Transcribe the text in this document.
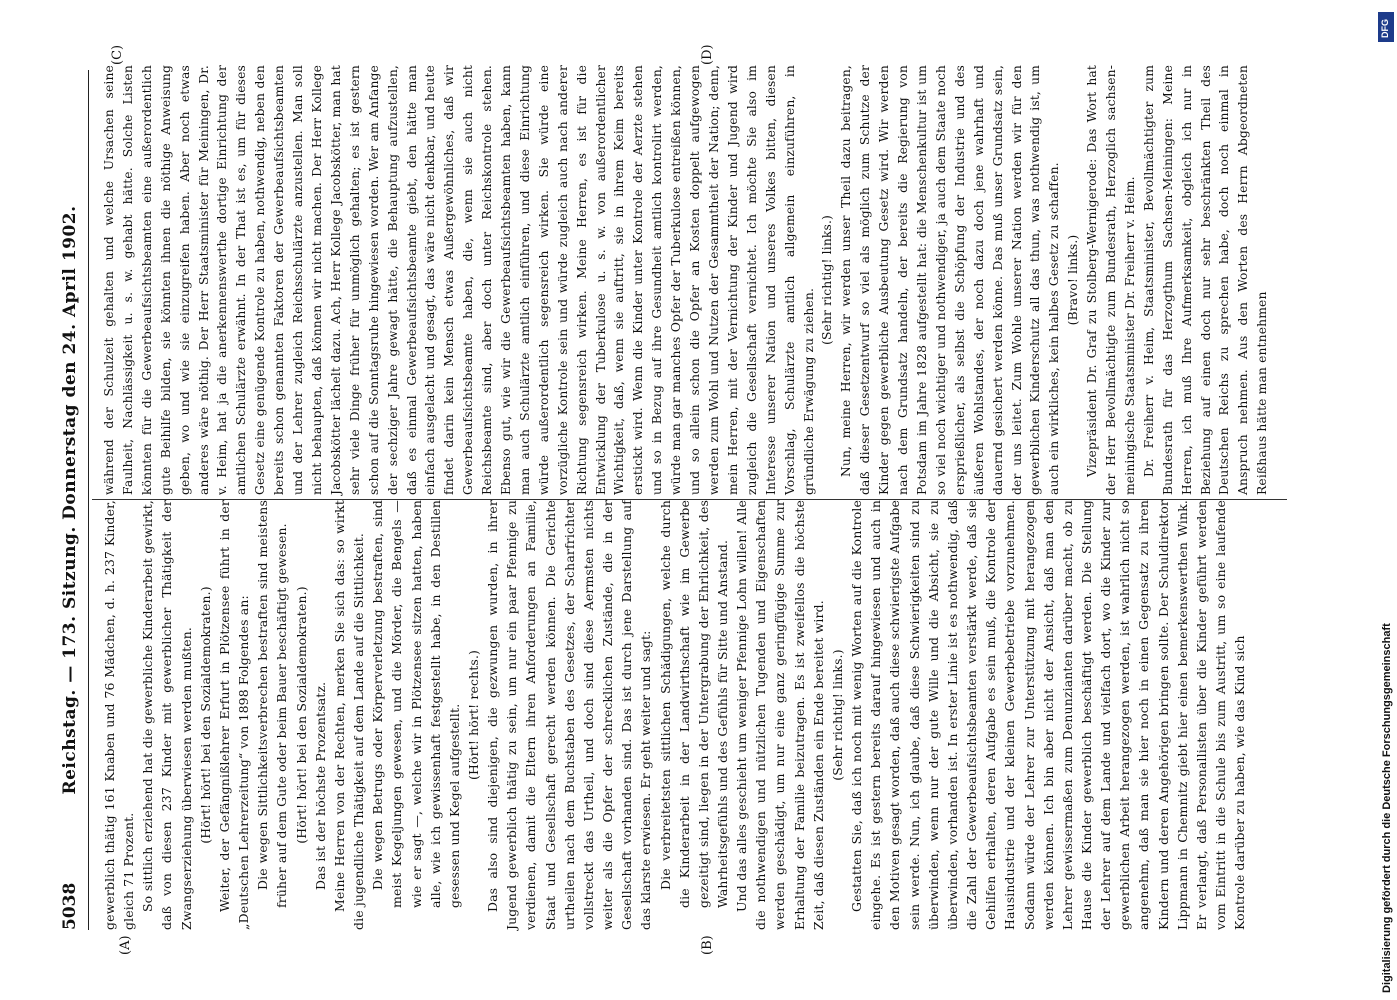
5038
Reichstag. — 173. Sitzung. Donnerstag den 24. April 1902.
(A)	(B)
(C)	(D)

gewerblich thätig 161 Knaben und 76 Mädchen, d. h. 237 Kinder, gleich 71 Prozent. So sittlich erziehend hat die gewerbliche Kinderarbeit gewirkt, daß von diesen 237 Kinder mit gewerblicher Thätigkeit der Zwangserziehung überwiesen werden mußten. (Hört! hört! bei den Sozialdemokraten.) Weiter, der Gefängnißlehrer Erfurt in Plötzensee führt in der „Deutschen Lehrerzeitung“ von 1898 Folgendes an: Die wegen Sittlichkeitsverbrechen bestraften sind meistens früher auf dem Gute oder beim Bauer beschäftigt gewesen. (Hört! hört! bei den Sozialdemokraten.) Das ist der höchste Prozentsatz. Meine Herren von der Rechten, merken Sie sich das: so wirkt die jugendliche Thätigkeit auf dem Lande auf die Sittlichkeit. Die wegen Betrugs oder Körperverletzung bestraften, sind meist Kegeljungen gewesen, und die Mörder, die Bengels — wie er sagt —, welche wir in Plötzensee sitzen hatten, haben alle, wie ich gewissenhaft festgestellt habe, in den Destillen gesessen und Kegel aufgestellt. (Hört! hört! rechts.) Das also sind diejenigen, die gezwungen wurden, in ihrer Jugend gewerblich thätig zu sein, um nur ein paar Pfennige zu verdienen, damit die Eltern ihren Anforderungen an Familie, Staat und Gesellschaft gerecht werden können. Die Gerichte urtheilen nach dem Buchstaben des Gesetzes, der Scharfrichter vollstreckt das Urtheil, und doch sind diese Aermsten nichts weiter als die Opfer der schrecklichen Zustände, die in der Gesellschaft vorhanden sind. Das ist durch jene Darstellung auf das klarste erwiesen. Er geht weiter und sagt: Die verbreitetsten sittlichen Schädigungen, welche durch die Kinderarbeit in der Landwirthschaft wie im Gewerbe gezeitigt sind, liegen in der Untergrabung der Ehrlichkeit, des Wahrheitsgefühls und des Gefühls für Sitte und Anstand. Und das alles geschieht um weniger Pfennige Lohn willen! Alle die nothwendigen und nützlichen Tugenden und Eigenschaften werden geschädigt, um nur eine ganz geringfügige Summe zur Erhaltung der Familie beizutragen. Es ist zweifellos die höchste Zeit, daß diesen Zuständen ein Ende bereitet wird. (Sehr richtig! links.) Gestatten Sie, daß ich noch mit wenig Worten auf die Kontrole eingehe. Es ist gestern bereits darauf hingewiesen und auch in den Motiven gesagt worden, daß auch diese schwierigste Aufgabe sein werde. Nun, ich glaube, daß diese Schwierigkeiten sind zu überwinden, wenn nur der gute Wille und die Absicht, sie zu überwinden, vorhanden ist. In erster Linie ist es nothwendig, daß die Zahl der Gewerbeaufsichtsbeamten verstärkt werde, daß sie Gehilfen erhalten, deren Aufgabe es sein muß, die Kontrole der Hausindustrie und der kleinen Gewerbebetriebe vorzunehmen. Sodann würde der Lehrer zur Unterstützung mit herangezogen werden können. Ich bin aber nicht der Ansicht, daß man den Lehrer gewissermaßen zum Denunzianten darüber macht, ob zu Hause die Kinder gewerblich beschäftigt werden. Die Stellung der Lehrer auf dem Lande und vielfach dort, wo die Kinder zur gewerblichen Arbeit herangezogen werden, ist wahrlich nicht so angenehm, daß man sie hier noch in einen Gegensatz zu ihren Kindern und deren Angehörigen bringen sollte. Der Schuldirektor Lippmann in Chemnitz giebt hier einen bemerkenswerthen Wink. Er verlangt, daß Personallisten über die Kinder geführt werden vom Eintritt in die Schule bis zum Austritt, um so eine laufende Kontrole darüber zu haben, wie das Kind sich

während der Schulzeit gehalten und welche Ursachen seine Faulheit, Nachlässigkeit u. s. w. gehabt hätte. Solche Listen könnten für die Gewerbeaufsichtsbeamten eine außerordentlich gute Beihilfe bilden, sie könnten ihnen die nöthige Anweisung geben, wo und wie sie einzugreifen haben. Aber noch etwas anderes wäre nöthig. Der Herr Staatsminister für Meiningen, Dr. v. Heim, hat ja die anerkennenswerthe dortige Einrichtung der amtlichen Schulärzte erwähnt. In der That ist es, um für dieses Gesetz eine genügende Kontrole zu haben, nothwendig, neben den bereits schon genannten Faktoren der Gewerbeaufsichtsbeamten und der Lehrer zugleich Reichsschulärzte anzustellen. Man soll nicht behaupten, daß können wir nicht machen. Der Herr Kollege Jacobskötter lächelt dazu. Ach, Herr Kollege Jacobskötter, man hat sehr viele Dinge früher für unmöglich gehalten; es ist gestern schon auf die Sonntagsruhe hingewiesen worden. Wer am Anfange der sechziger Jahre gewagt hätte, die Behauptung aufzustellen, daß es einmal Gewerbeaufsichtsbeamte giebt, den hätte man einfach ausgelacht und gesagt, das wäre nicht denkbar, und heute findet darin kein Mensch etwas Außergewöhnliches, daß wir Gewerbeaufsichtsbeamte haben, die, wenn sie auch nicht Reichsbeamte sind, aber doch unter Reichskontrole stehen. Ebenso gut, wie wir die Gewerbeaufsichtsbeamten haben, kann man auch Schulärzte amtlich einführen, und diese Einrichtung würde außerordentlich segensreich wirken. Sie würde eine vorzügliche Kontrole sein und würde zugleich auch nach anderer Richtung segensreich wirken. Meine Herren, es ist für die Entwicklung der Tuberkulose u. s. w. von außerordentlicher Wichtigkeit, daß, wenn sie auftritt, sie in ihrem Keim bereits erstickt wird. Wenn die Kinder unter Kontrole der Aerzte stehen und so in Bezug auf ihre Gesundheit amtlich kontrolirt werden, würde man gar manches Opfer der Tuberkulose entreißen können, und so allein schon die Opfer an Kosten doppelt aufgewogen werden zum Wohl und Nutzen der Gesammtheit der Nation; denn, mein Herren, mit der Vernichtung der Kinder und Jugend wird zugleich die Gesellschaft vernichtet. Ich möchte Sie also im Interesse unserer Nation und unseres Volkes bitten, diesen Vorschlag, Schulärzte amtlich allgemein einzuführen, in gründliche Erwägung zu ziehen.

(Sehr richtig! links.) Nun, meine Herren, wir werden unser Theil dazu beitragen, daß dieser Gesetzentwurf so viel als möglich zum Schutze der Kinder gegen gewerbliche Ausbeutung Gesetz wird. Wir werden nach dem Grundsatz handeln, der bereits die Regierung von Potsdam im Jahre 1828 aufgestellt hat: die Menschenkultur ist um so viel noch wichtiger und nothwendiger, ja auch dem Staate noch ersprießlicher, als selbst die Schöpfung der Industrie und des äußeren Wohlstandes, der noch dazu doch jene wahrhaft und dauernd gesichert werden könne. Das muß unser Grundsatz sein, der uns leitet. Zum Wohle unserer Nation werden wir für den gewerblichen Kinderschutz all das thun, was nothwendig ist, um auch ein wirkliches, kein halbes Gesetz zu schaffen. (Bravo! links.) Vizepräsident Dr. Graf zu Stolberg-Wernigerode: Das Wort hat der Herr Bevollmächtigte zum Bundesrath, Herzoglich sachsen-meiningische Staatsminister Dr. Freiherr v. Heim. Dr. Freiherr v. Heim, Staatsminister, Bevollmächtigter zum Bundesrath für das Herzogthum Sachsen-Meiningen: Meine Herren, ich muß Ihre Aufmerksamkeit, obgleich ich nur in Beziehung auf einen doch nur sehr beschränkten Theil des Deutschen Reichs zu sprechen habe, doch noch einmal in Anspruch nehmen. Aus den Worten des Herrn Abgeordneten Reißhaus hätte man entnehmen

DFG
Digitalisierung gefördert durch die Deutsche Forschungsgemeinschaft
